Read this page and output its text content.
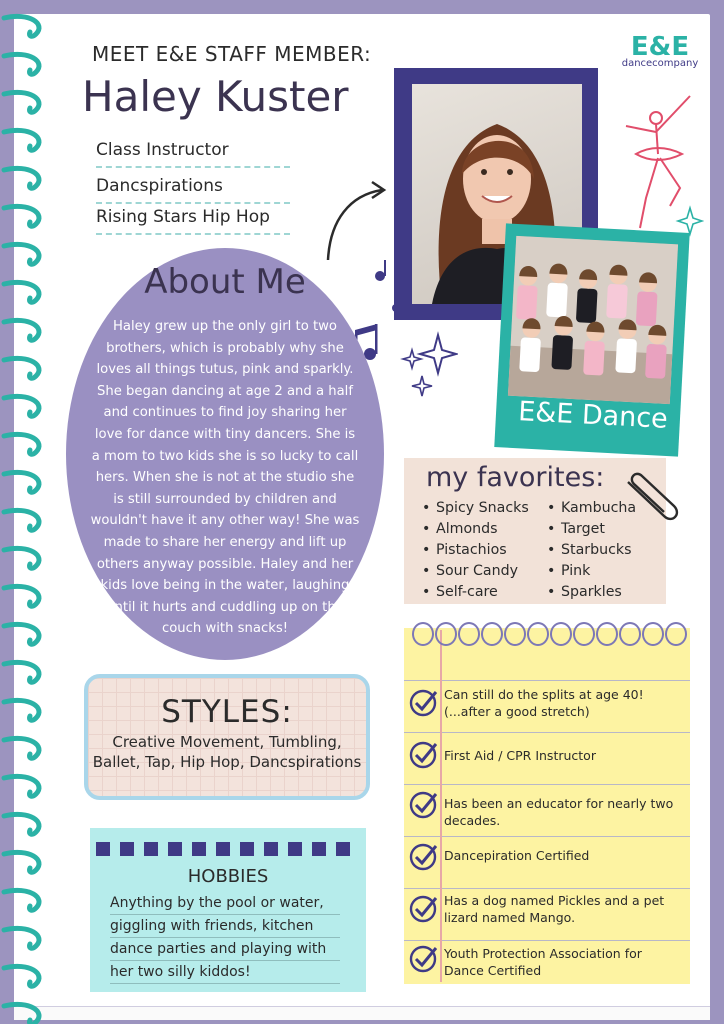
MEET E&E STAFF MEMBER:
Haley Kuster
Class Instructor
Dancspirations
Rising Stars Hip Hop
About Me
Haley grew up the only girl to two brothers, which is probably why she loves all things tutus, pink and sparkly. She began dancing at age 2 and a half and continues to find joy sharing her love for dance with tiny dancers. She is a mom to two kids she is so lucky to call hers. When she is not at the studio she is still surrounded by children and wouldn't have it any other way! She was made to share her energy and lift up others anyway possible. Haley and her kids love being in the water, laughing until it hurts and cuddling up on the couch with snacks!
E&E Dance
E&E
dancecompany
my favorites:
• Spicy Snacks
• Almonds
• Pistachios
• Sour Candy
• Self-care
• Kambucha
• Target
• Starbucks
• Pink
• Sparkles
STYLES:
Creative Movement, Tumbling, Ballet, Tap, Hip Hop, Dancspirations
HOBBIES
Anything by the pool or water, giggling with friends, kitchen dance parties and playing with her two silly kiddos!
Can still do the splits at age 40! (...after a good stretch)
First Aid / CPR Instructor
Has been an educator for nearly two decades.
Dancepiration Certified
Has a dog named Pickles and a pet lizard named Mango.
Youth Protection Association for Dance Certified
